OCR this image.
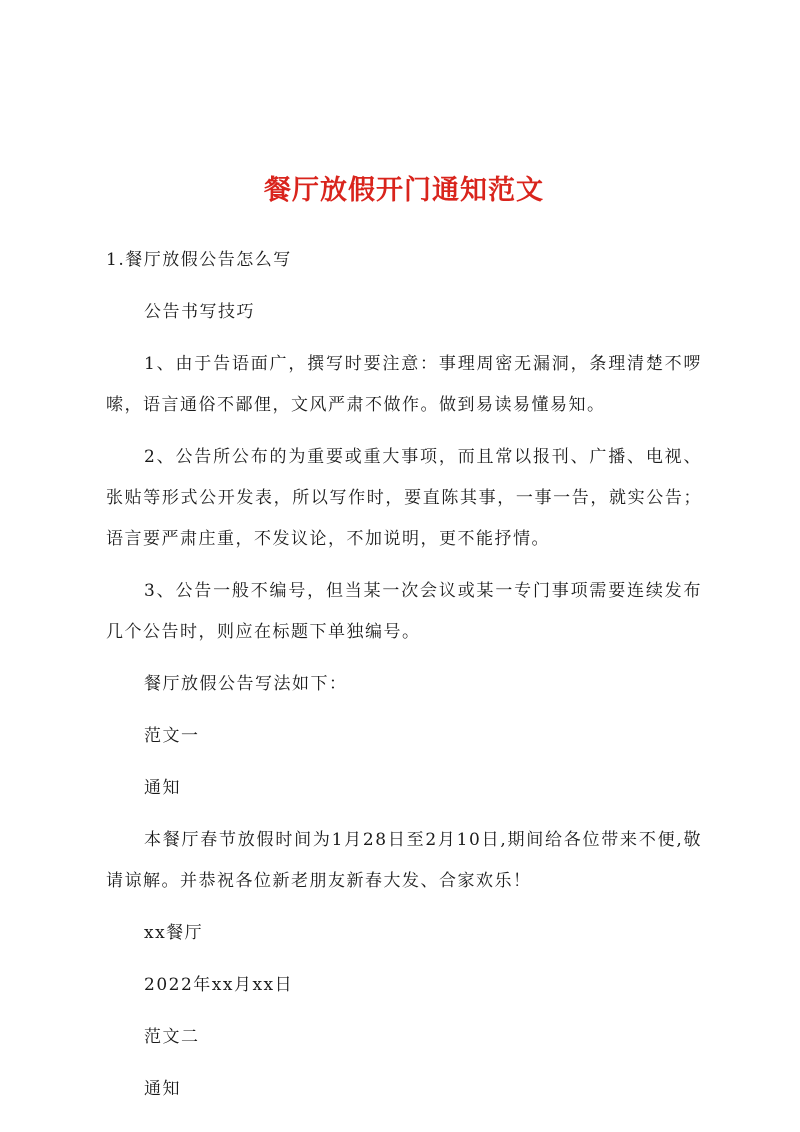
餐厅放假开门通知范文

1.餐厅放假公告怎么写

公告书写技巧

1、由于告语面广，撰写时要注意：事理周密无漏洞，条理清楚不啰嗦，语言通俗不鄙俚，文风严肃不做作。做到易读易懂易知。

2、公告所公布的为重要或重大事项，而且常以报刊、广播、电视、张贴等形式公开发表，所以写作时，要直陈其事，一事一告，就实公告；语言要严肃庄重，不发议论，不加说明，更不能抒情。

3、公告一般不编号，但当某一次会议或某一专门事项需要连续发布几个公告时，则应在标题下单独编号。

餐厅放假公告写法如下：

范文一

通知

本餐厅春节放假时间为1月28日至2月10日,期间给各位带来不便,敬请谅解。并恭祝各位新老朋友新春大发、合家欢乐！

xx餐厅

2022年xx月xx日

范文二

通知
